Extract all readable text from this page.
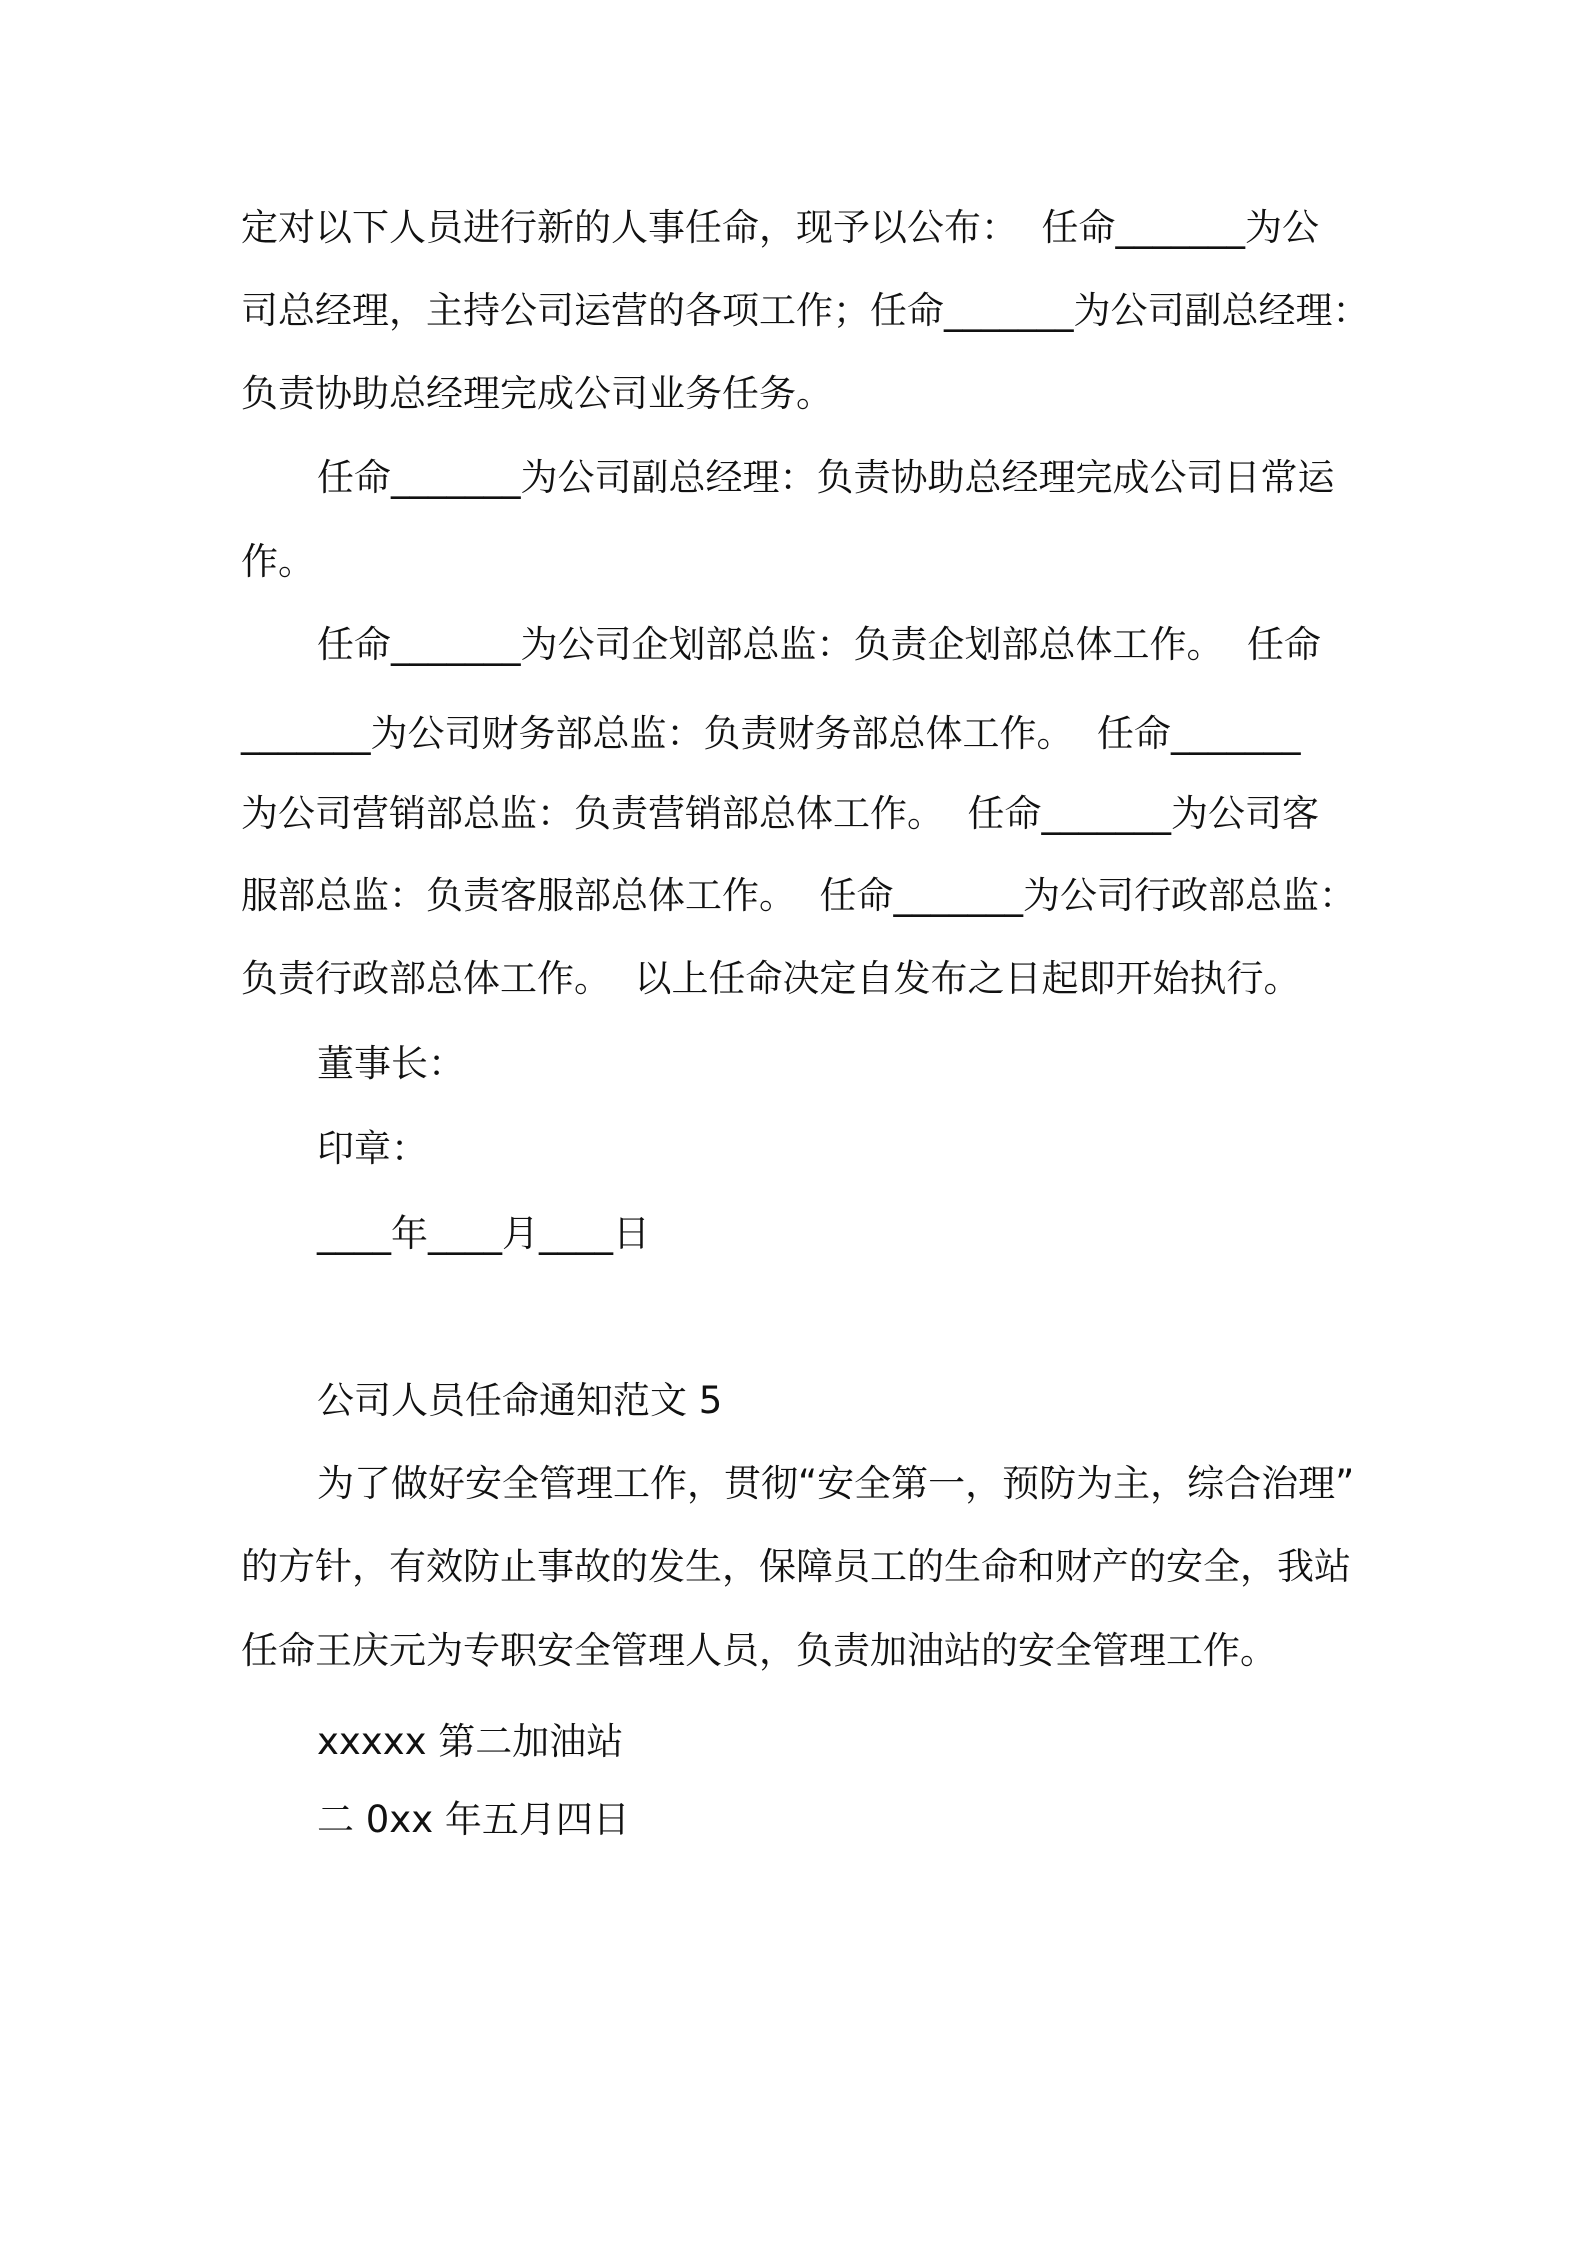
定对以下人员进行新的人事任命，现予以公布：  任命_______为公
司总经理，主持公司运营的各项工作；任命_______为公司副总经理：
负责协助总经理完成公司业务任务。
任命_______为公司副总经理：负责协助总经理完成公司日常运
作。
任命_______为公司企划部总监：负责企划部总体工作。  任命
_______为公司财务部总监：负责财务部总体工作。  任命_______
为公司营销部总监：负责营销部总体工作。  任命_______为公司客
服部总监：负责客服部总体工作。  任命_______为公司行政部总监：
负责行政部总体工作。  以上任命决定自发布之日起即开始执行。
董事长：
印章：
____年____月____日
公司人员任命通知范文 5
为了做好安全管理工作，贯彻“安全第一，预防为主，综合治理”
的方针，有效防止事故的发生，保障员工的生命和财产的安全，我站
任命王庆元为专职安全管理人员，负责加油站的安全管理工作。
xxxxx 第二加油站
二 0xx 年五月四日
